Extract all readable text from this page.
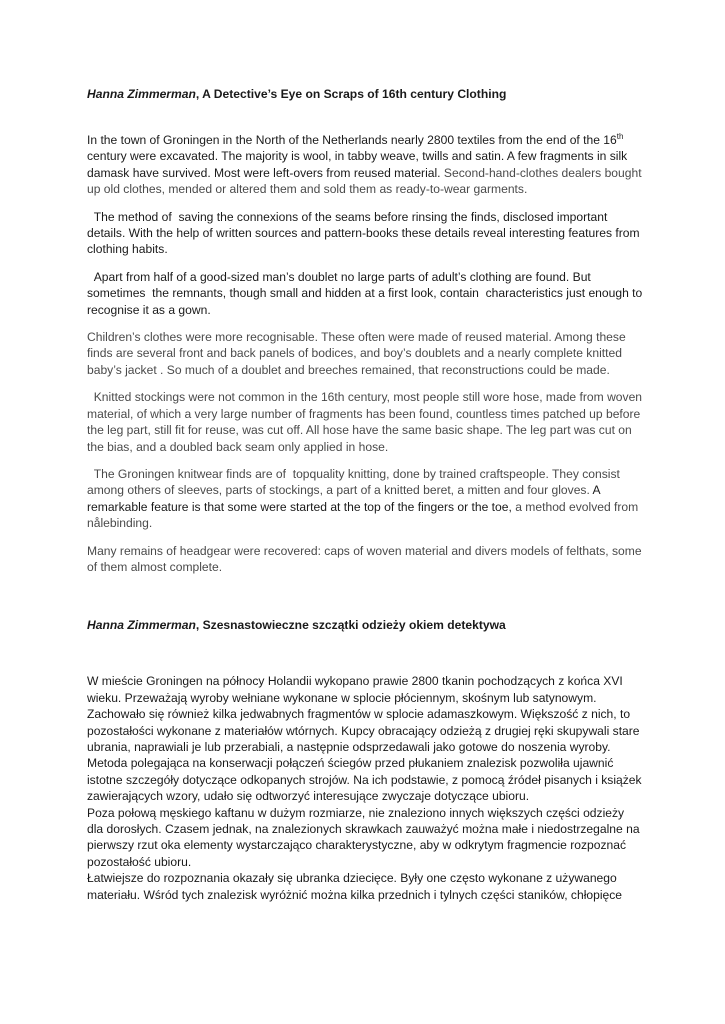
Hanna Zimmerman, A Detective’s Eye on Scraps of 16th century Clothing

In the town of Groningen in the North of the Netherlands nearly 2800 textiles from the end of the 16th century were excavated. The majority is wool, in tabby weave, twills and satin. A few fragments in silk damask have survived. Most were left-overs from reused material. Second-hand-clothes dealers bought up old clothes, mended or altered them and sold them as ready-to-wear garments.

The method of  saving the connexions of the seams before rinsing the finds, disclosed important details. With the help of written sources and pattern-books these details reveal interesting features from clothing habits.

Apart from half of a good-sized man’s doublet no large parts of adult’s clothing are found. But sometimes  the remnants, though small and hidden at a first look, contain  characteristics just enough to recognise it as a gown.

Children’s clothes were more recognisable. These often were made of reused material. Among these finds are several front and back panels of bodices, and boy’s doublets and a nearly complete knitted baby’s jacket . So much of a doublet and breeches remained, that reconstructions could be made.

Knitted stockings were not common in the 16th century, most people still wore hose, made from woven material, of which a very large number of fragments has been found, countless times patched up before the leg part, still fit for reuse, was cut off. All hose have the same basic shape. The leg part was cut on the bias, and a doubled back seam only applied in hose.

The Groningen knitwear finds are of  topquality knitting, done by trained craftspeople. They consist among others of sleeves, parts of stockings, a part of a knitted beret, a mitten and four gloves. A remarkable feature is that some were started at the top of the fingers or the toe, a method evolved from nålebinding.

Many remains of headgear were recovered: caps of woven material and divers models of felthats, some of them almost complete.

Hanna Zimmerman, Szesnastowieczne szczątki odzieży okiem detektywa

W mieście Groningen na północy Holandii wykopano prawie 2800 tkanin pochodzących z końca XVI wieku. Przeważają wyroby wełniane wykonane w splocie płóciennym, skośnym lub satynowym. Zachowało się również kilka jedwabnych fragmentów w splocie adamaszkowym. Większość z nich, to pozostałości wykonane z materiałów wtórnych. Kupcy obracający odzieżą z drugiej ręki skupywali stare ubrania, naprawiali je lub przerabiali, a następnie odsprzedawali jako gotowe do noszenia wyroby.

Metoda polegająca na konserwacji połączeń ściegów przed płukaniem znalezisk pozwoliła ujawnić istotne szczegóły dotyczące odkopanych strojów. Na ich podstawie, z pomocą źródeł pisanych i książek zawierających wzory, udało się odtworzyć interesujące zwyczaje dotyczące ubioru.

Poza połową męskiego kaftanu w dużym rozmiarze, nie znaleziono innych większych części odzieży dla dorosłych. Czasem jednak, na znalezionych skrawkach zauważyć można małe i niedostrzegalne na pierwszy rzut oka elementy wystarczająco charakterystyczne, aby w odkrytym fragmencie rozpoznać pozostałość ubioru.

Łatwiejsze do rozpoznania okazały się ubranka dziecięce. Były one często wykonane z używanego materiału. Wśród tych znalezisk wyróżnić można kilka przednich i tylnych części staników, chłopięce
